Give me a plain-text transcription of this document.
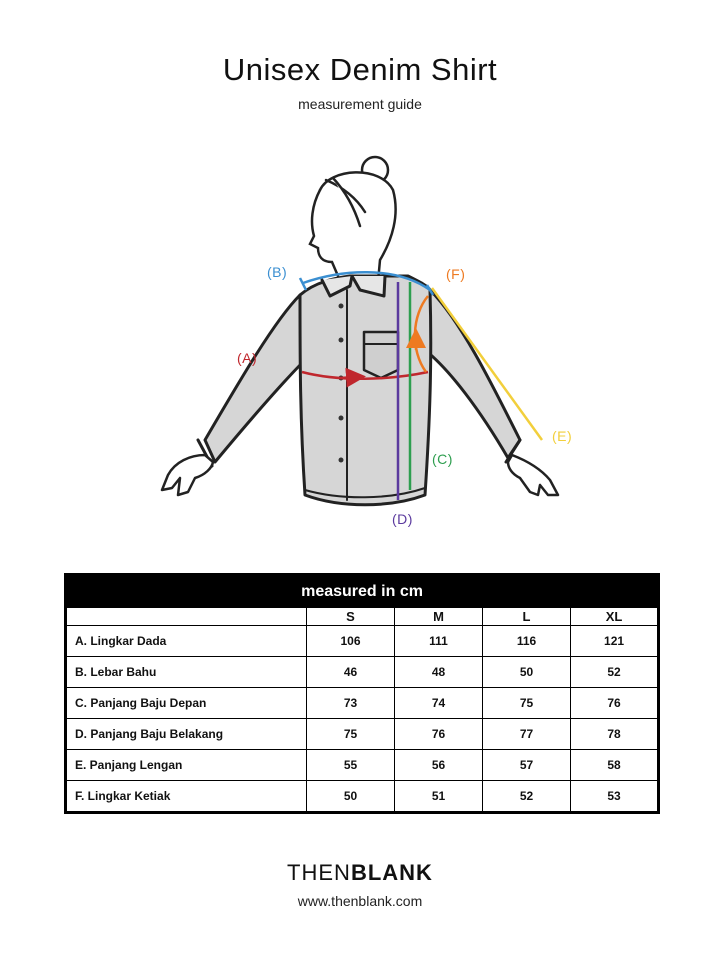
Unisex Denim Shirt
measurement guide
(A)
(B)
(C)
(D)
(E)
(F)
measured in cm				
	S	M	L	XL
A. Lingkar Dada	106	111	116	121
B. Lebar Bahu	46	48	50	52
C. Panjang Baju Depan	73	74	75	76
D. Panjang Baju Belakang	75	76	77	78
E. Panjang Lengan	55	56	57	58
F. Lingkar Ketiak	50	51	52	53
THENBLANK
www.thenblank.com
